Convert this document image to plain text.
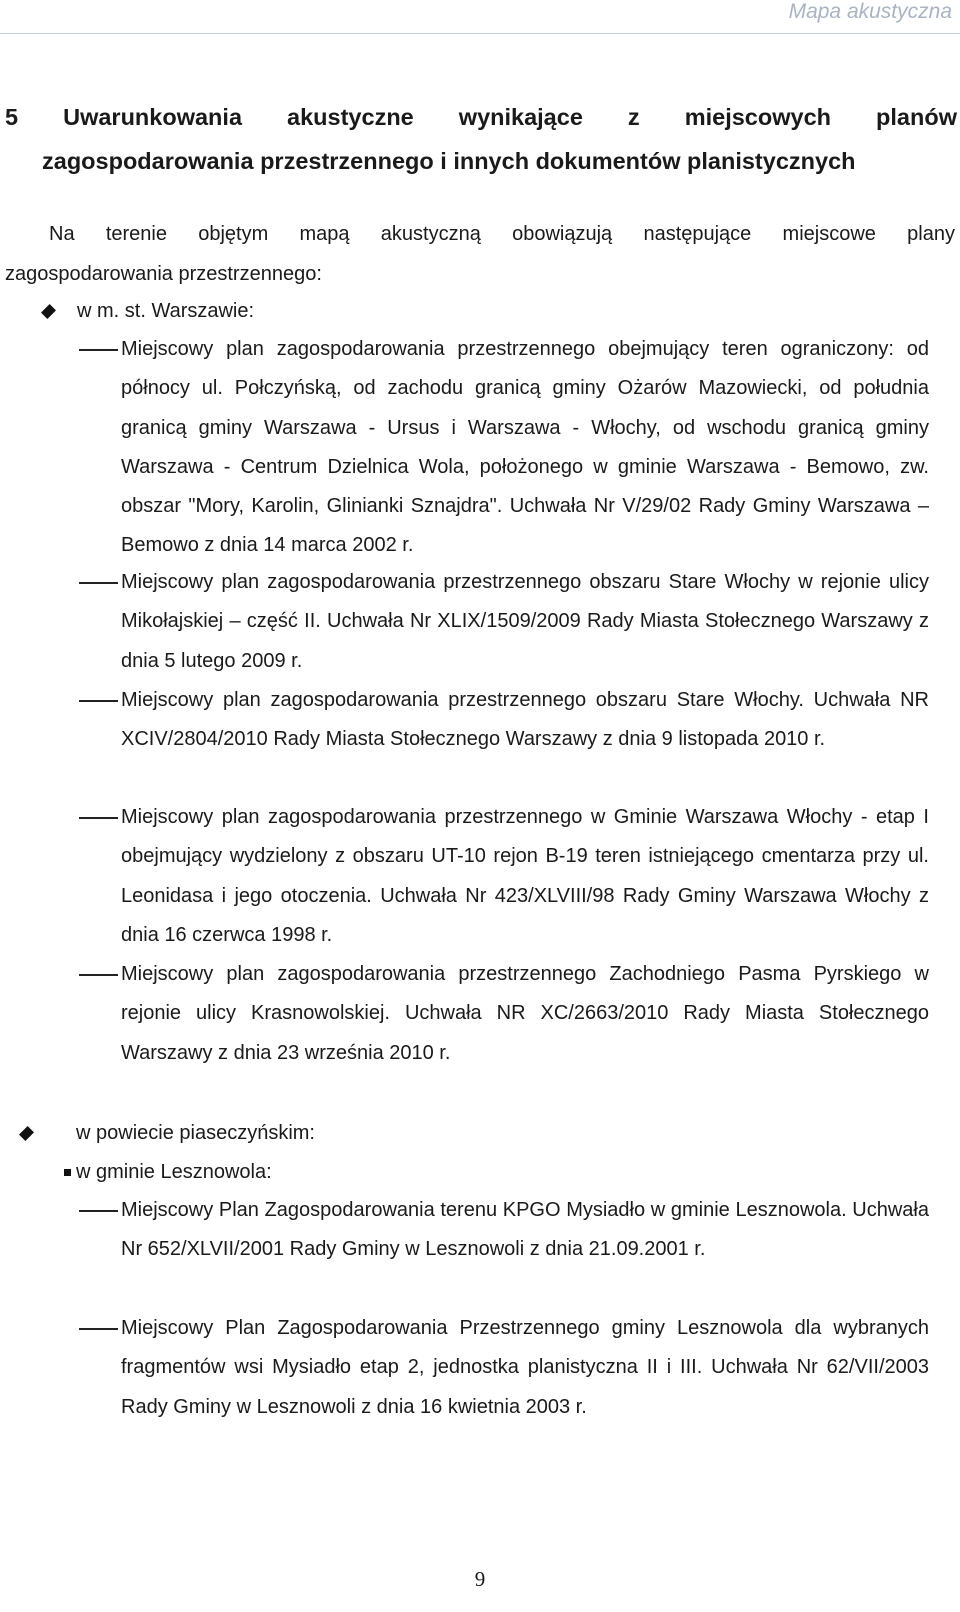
Mapa akustyczna
5 Uwarunkowania akustyczne wynikające z miejscowych planów
zagospodarowania przestrzennego i innych dokumentów planistycznych
Na terenie objętym mapą akustyczną obowiązują następujące miejscowe plany
zagospodarowania przestrzennego:
w m. st. Warszawie:
Miejscowy plan zagospodarowania przestrzennego obejmujący teren ograniczony: od północy ul. Połczyńską, od zachodu granicą gminy Ożarów Mazowiecki, od południa granicą gminy Warszawa - Ursus i Warszawa - Włochy, od wschodu granicą gminy Warszawa - Centrum Dzielnica Wola, położonego w gminie Warszawa - Bemowo, zw. obszar "Mory, Karolin, Glinianki Sznajdra". Uchwała Nr V/29/02 Rady Gminy Warszawa – Bemowo z dnia 14 marca 2002 r.
Miejscowy plan zagospodarowania przestrzennego obszaru Stare Włochy w rejonie ulicy Mikołajskiej – część II. Uchwała Nr XLIX/1509/2009 Rady Miasta Stołecznego Warszawy z dnia 5 lutego 2009 r.
Miejscowy plan zagospodarowania przestrzennego obszaru Stare Włochy. Uchwała NR XCIV/2804/2010 Rady Miasta Stołecznego Warszawy z dnia 9 listopada 2010 r.
Miejscowy plan zagospodarowania przestrzennego w Gminie Warszawa Włochy - etap I obejmujący wydzielony z obszaru UT-10 rejon B-19 teren istniejącego cmentarza przy ul. Leonidasa i jego otoczenia. Uchwała Nr 423/XLVIII/98 Rady Gminy Warszawa Włochy z dnia 16 czerwca 1998 r.
Miejscowy plan zagospodarowania przestrzennego Zachodniego Pasma Pyrskiego w rejonie ulicy Krasnowolskiej. Uchwała NR XC/2663/2010 Rady Miasta Stołecznego Warszawy z dnia 23 września 2010 r.
w powiecie piaseczyńskim:
w gminie Lesznowola:
Miejscowy Plan Zagospodarowania terenu KPGO Mysiadło w gminie Lesznowola. Uchwała Nr 652/XLVII/2001 Rady Gminy w Lesznowoli z dnia 21.09.2001 r.
Miejscowy Plan Zagospodarowania Przestrzennego gminy Lesznowola dla wybranych fragmentów wsi Mysiadło etap 2, jednostka planistyczna II i III. Uchwała Nr 62/VII/2003 Rady Gminy w Lesznowoli z dnia 16 kwietnia 2003 r.
9
